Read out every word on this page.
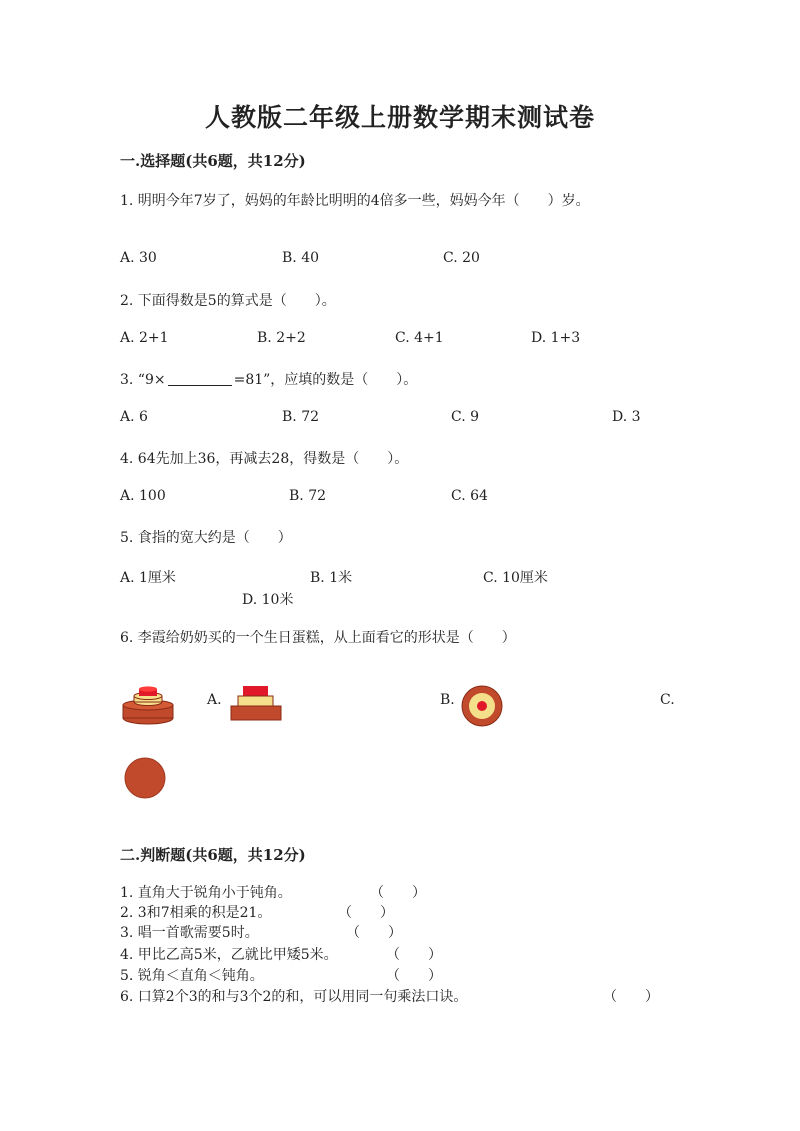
人教版二年级上册数学期末测试卷
一.选择题(共6题，共12分)
1. 明明今年7岁了，妈妈的年龄比明明的4倍多一些，妈妈今年（　　）岁。
A. 30	B. 40	C. 20
2. 下面得数是5的算式是（　　）。
A. 2+1	B. 2+2	C. 4+1	D. 1+3
3. “9×	=81”，应填的数是（　　）。
A. 6	B. 72	C. 9	D. 3
4. 64先加上36，再减去28，得数是（　　）。
A. 100	B. 72	C. 64
5. 食指的宽大约是（　　）
A. 1厘米	B. 1米	C. 10厘米
D. 10米
6. 李霞给奶奶买的一个生日蛋糕，从上面看它的形状是（　　）
A.	B.	C.
二.判断题(共6题，共12分)
1. 直角大于锐角小于钝角。	（　　）
2. 3和7相乘的积是21。	（　　）
3. 唱一首歌需要5时。	（　　）
4. 甲比乙高5米，乙就比甲矮5米。	（　　）
5. 锐角＜直角＜钝角。	（　　）
6. 口算2个3的和与3个2的和，可以用同一句乘法口诀。	（　　）
